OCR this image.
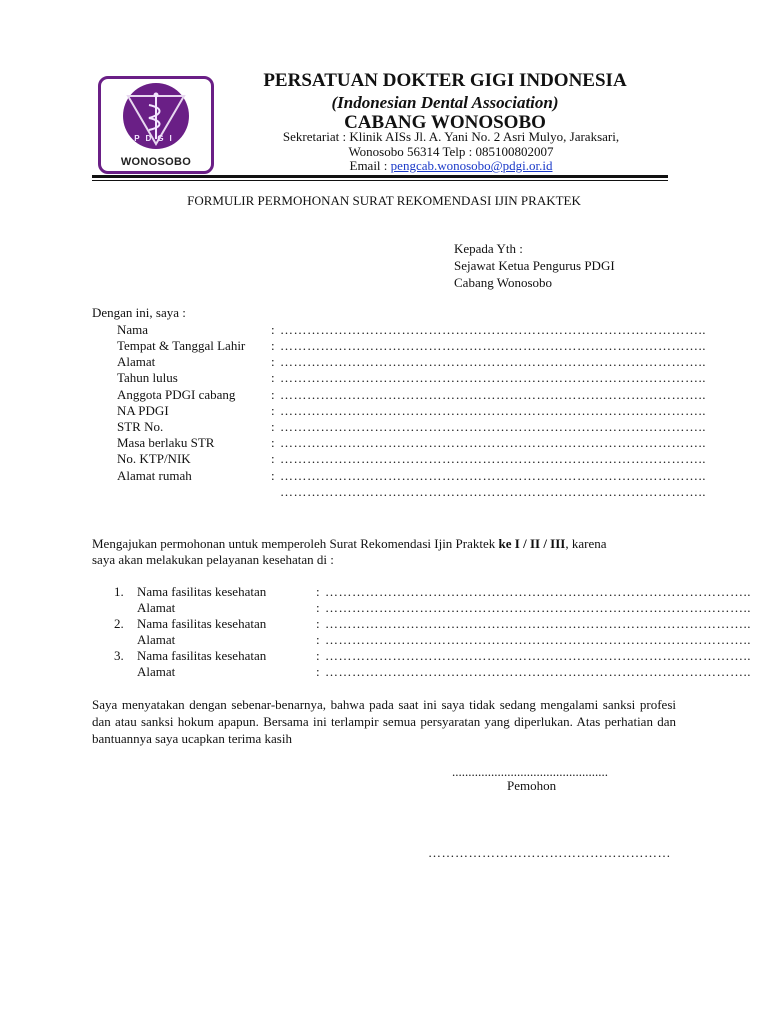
PDGI
WONOSOBO
PERSATUAN DOKTER GIGI INDONESIA
(Indonesian Dental Association)
CABANG WONOSOBO
Sekretariat : Klinik AISs Jl. A. Yani No. 2 Asri Mulyo, Jaraksari,
Wonosobo 56314 Telp : 085100802007
Email : pengcab.wonosobo@pdgi.or.id
FORMULIR PERMOHONAN SURAT REKOMENDASI IJIN PRAKTEK
Kepada Yth :
Sejawat Ketua Pengurus PDGI
Cabang Wonosobo
Dengan ini, saya :
Nama	: …………………………………………………………………………………..
Tempat & Tanggal Lahir : …………………………………………………………………………………..
Alamat	: …………………………………………………………………………………..
Tahun lulus	: …………………………………………………………………………………..
Anggota PDGI cabang	: …………………………………………………………………………………..
NA PDGI	: …………………………………………………………………………………..
STR No.	: …………………………………………………………………………………..
Masa berlaku STR	: …………………………………………………………………………………..
No. KTP/NIK	: …………………………………………………………………………………..
Alamat rumah	: …………………………………………………………………………………..
…………………………………………………………………………………..
Mengajukan permohonan untuk memperoleh Surat Rekomendasi Ijin Praktek ke I / II / III, karena
saya akan melakukan pelayanan kesehatan di :
1. Nama fasilitas kesehatan	: …………………………………………………………………………………..
Alamat	: …………………………………………………………………………………..
2. Nama fasilitas kesehatan	: …………………………………………………………………………………..
Alamat	: …………………………………………………………………………………..
3. Nama fasilitas kesehatan	: …………………………………………………………………………………..
Alamat	: …………………………………………………………………………………..
Saya menyatakan dengan sebenar-benarnya, bahwa pada saat ini saya tidak sedang mengalami sanksi profesi dan atau sanksi hokum apapun. Bersama ini terlampir semua persyaratan yang diperlukan. Atas perhatian dan bantuannya saya ucapkan terima kasih
................................................
Pemohon
………………………………………………
